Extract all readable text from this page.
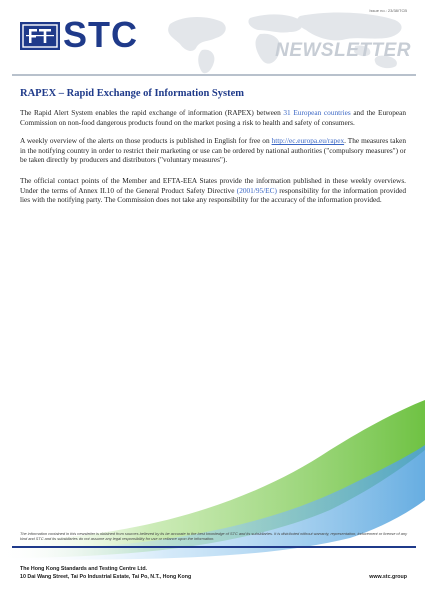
Issue no.: 23/38/TCB
STC	NEWSLETTER
RAPEX – Rapid Exchange of Information System

The Rapid Alert System enables the rapid exchange of information (RAPEX) between 31 European countries and the European Commission on non-food dangerous products found on the market posing a risk to health and safety of consumers.

A weekly overview of the alerts on those products is published in English for free on http://ec.europa.eu/rapex. The measures taken in the notifying country in order to restrict their marketing or use can be ordered by national authorities ("compulsory measures") or be taken directly by producers and distributors ("voluntary measures").

The official contact points of the Member and EFTA-EEA States provide the information published in these weekly overviews. Under the terms of Annex II.10 of the General Product Safety Directive (2001/95/EC) responsibility for the information provided lies with the notifying party. The Commission does not take any responsibility for the accuracy of the information provided.

The information contained in this newsletter is obtained from sources believed by its be accurate to the best knowledge of STC and its subsidiaries. It is distributed without warranty, representation, inducement or license of any kind and STC and its subsidiaries do not assume any legal responsibility for use or reliance upon the information.
The Hong Kong Standards and Testing Centre Ltd.
10 Dai Wang Street, Tai Po Industrial Estate, Tai Po, N.T., Hong Kong	www.stc.group
